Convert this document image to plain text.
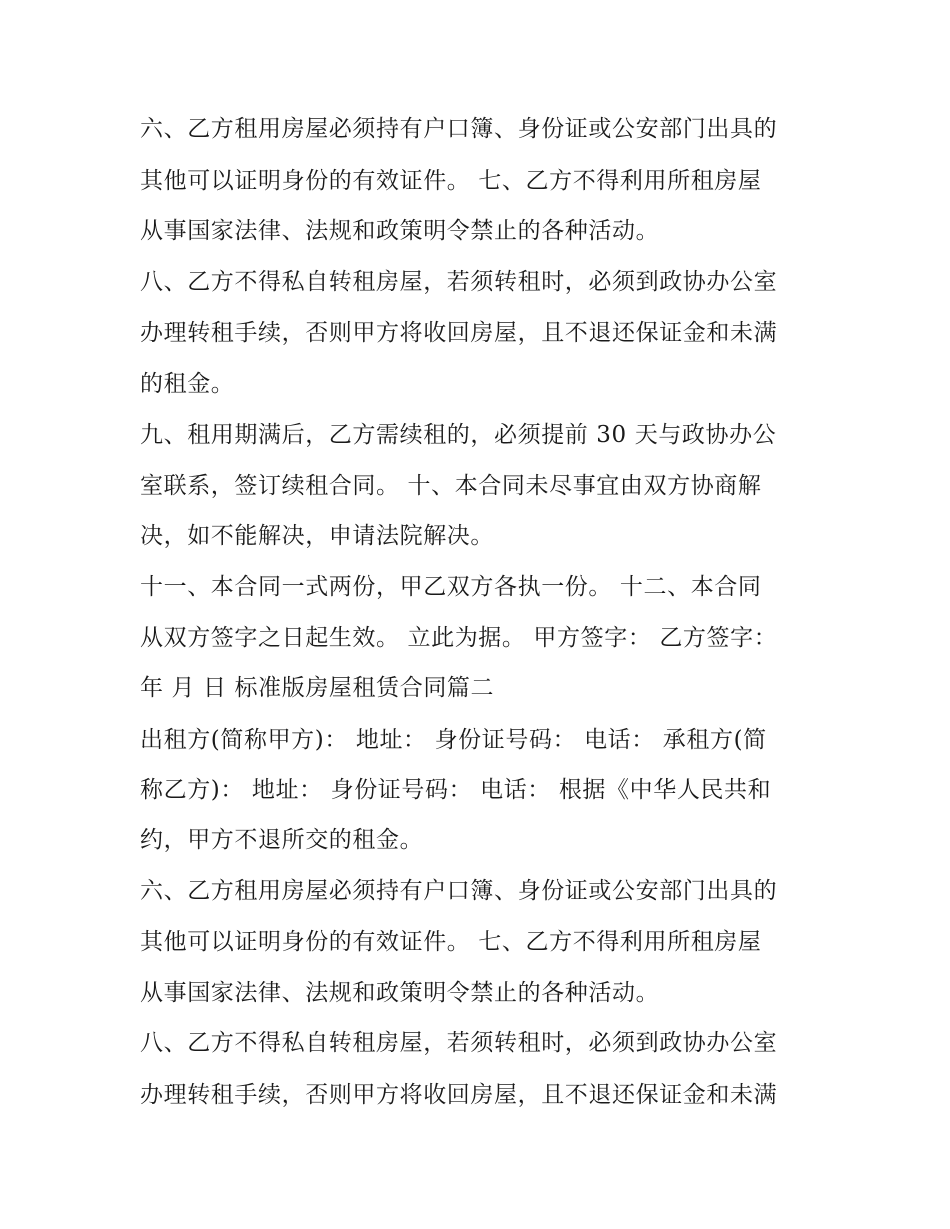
六、乙方租用房屋必须持有户口簿、身份证或公安部门出具的
其他可以证明身份的有效证件。 七、乙方不得利用所租房屋
从事国家法律、法规和政策明令禁止的各种活动。
八、乙方不得私自转租房屋，若须转租时，必须到政协办公室
办理转租手续，否则甲方将收回房屋，且不退还保证金和未满
的租金。
九、租用期满后，乙方需续租的，必须提前 30 天与政协办公
室联系，签订续租合同。 十、本合同未尽事宜由双方协商解
决，如不能解决，申请法院解决。
十一、本合同一式两份，甲乙双方各执一份。 十二、本合同
从双方签字之日起生效。 立此为据。 甲方签字： 乙方签字：
年 月 日 标准版房屋租赁合同篇二
出租方(简称甲方)： 地址： 身份证号码： 电话： 承租方(简
称乙方)： 地址： 身份证号码： 电话： 根据《中华人民共和
约，甲方不退所交的租金。
六、乙方租用房屋必须持有户口簿、身份证或公安部门出具的
其他可以证明身份的有效证件。 七、乙方不得利用所租房屋
从事国家法律、法规和政策明令禁止的各种活动。
八、乙方不得私自转租房屋，若须转租时，必须到政协办公室
办理转租手续，否则甲方将收回房屋，且不退还保证金和未满
